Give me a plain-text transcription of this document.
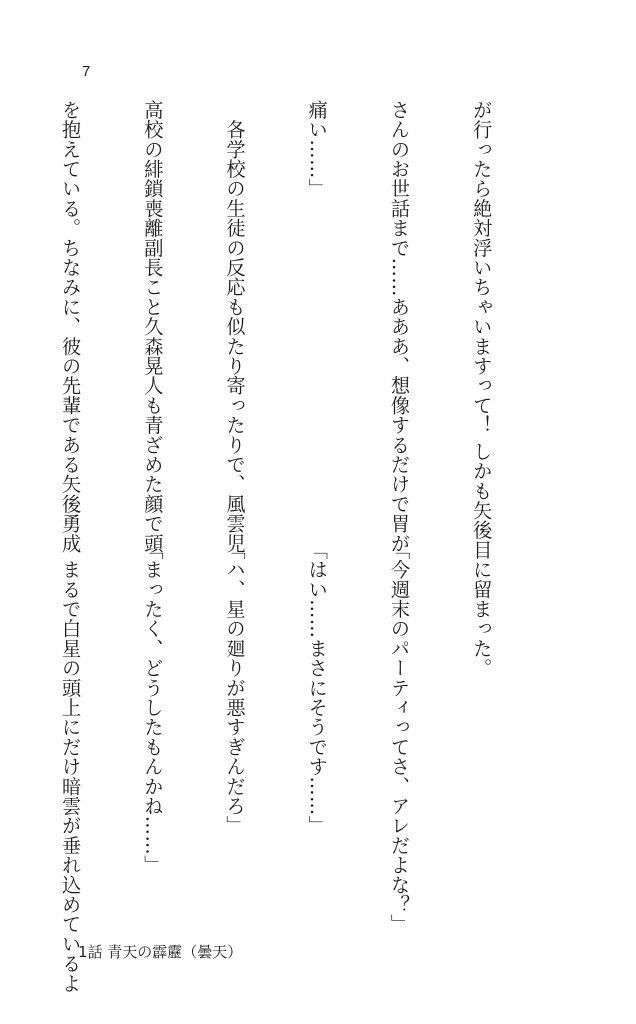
7

が行ったら絶対浮いちゃいますって！ しかも矢後

さんのお世話まで……あああ、想像するだけで胃が

痛い……」

　各学校の生徒の反応も似たり寄ったりで、風雲児

高校の緋鎖喪離副長こと久森晃人も青ざめた顔で頭

を抱えている。ちなみに、彼の先輩である矢後勇成

目に留まった。

「今週末のパーティってさ、アレだよな？」

「はい……まさにそうです……」

「ハ、星の廻りが悪すぎんだろ」

「まったく、どうしたもんかね……」

　まるで白星の頭上にだけ暗雲が垂れ込めているよ

1話 青天の霹靂（曇天）
